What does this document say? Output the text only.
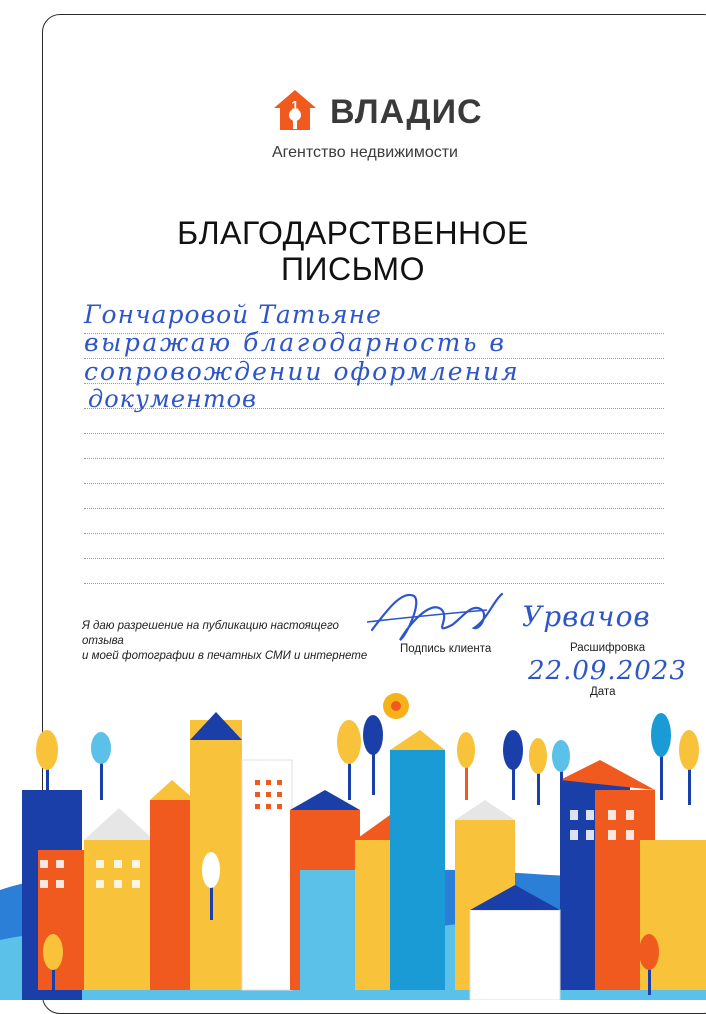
1 ВЛАДИС
Агентство недвижимости
БЛАГОДАРСТВЕННОЕ
ПИСЬМО
Гончаровой Татьяне
выражаю благодарность в
сопровождении оформления
документов
Я даю разрешение на публикацию настоящего отзыва
и моей фотографии в печатных СМИ и интернете
Подпись клиента
Урвачов
Расшифровка
22.09.2023
Дата
